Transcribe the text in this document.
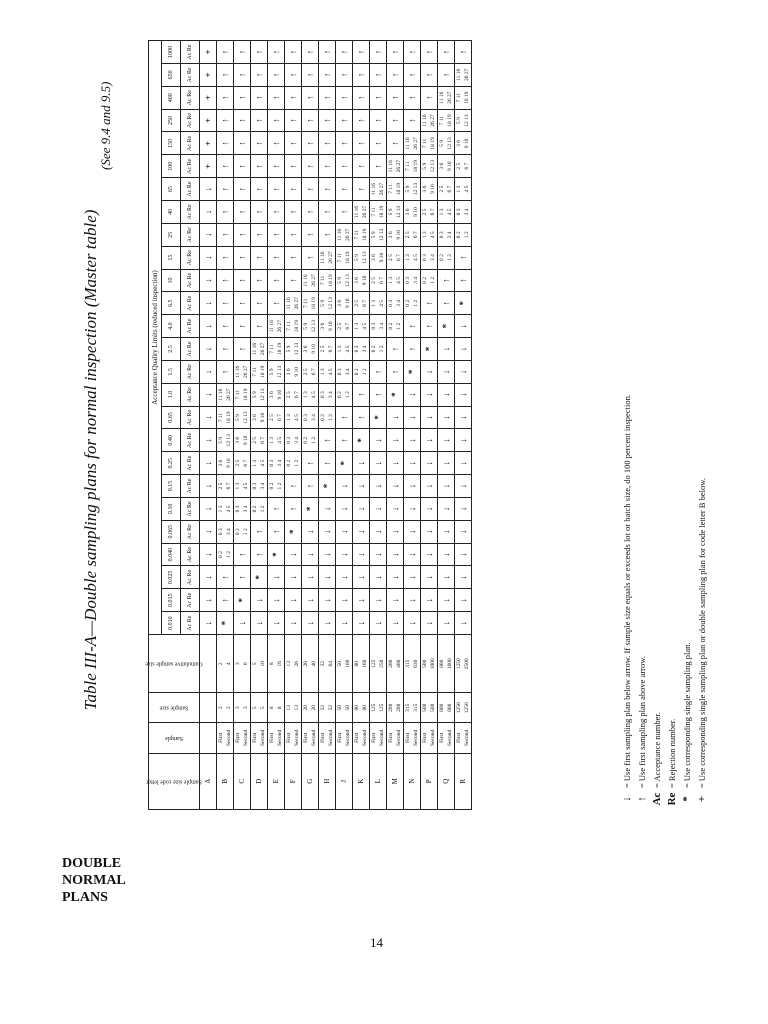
DOUBLE
NORMAL
PLANS
14
Table III-A—Double sampling plans for normal inspection (Master table)
(See 9.4 and 9.5)
Sample size code letter	Sample	Sample size	Cumulative sample size	Acceptance Quality Limits (reduced inspection)																									
				0.010	0.015	0.025	0.040	0.065	0.10	0.15	0.25	0.40	0.65	1.0	1.5	2.5	4.0	6.5	10	15	25	40	65	100	150	250	400	650	1000
				Ac Re	Ac Re	Ac Re	Ac Re	Ac Re	Ac Re	Ac Re	Ac Re	Ac Re	Ac Re	Ac Re	Ac Re	Ac Re	Ac Re	Ac Re	Ac Re	Ac Re	Ac Re	Ac Re	Ac Re	Ac Re	Ac Re	Ac Re	Ac Re	Ac Re	Ac Re
A				↓	↓	↓	↓	↓	↓	↓	↓	↓	↓	↓	↓	↓	↓	↓	↓	↓	↓	↓	↓	+	+	+	+	+	+
B	First Second	2 2	2 4	*	↑	↑	0 2 1 2	0 3 3 4	1 3 4 5	2 5 6 7	3 6 9 10	5 9 12 13	7 11 18 19	11 16 26 27	↑	↑	↑	↑	↑	↑	↑	↑	↑	↑	↑	↑	↑	↑	↑
C	First Second	3 3	3 6	↓	*	↑	↑	0 2 1 2	0 3 3 4	1 3 4 5	2 5 6 7	3 6 9 10	5 9 12 13	7 11 18 19	11 16 26 27	↑	↑	↑	↑	↑	↑	↑	↑	↑	↑	↑	↑	↑	↑
D	First Second	5 5	5 10	↓	↓	*	↑	↑	0 2 1 2	0 3 3 4	1 3 4 5	2 5 6 7	3 6 9 10	5 9 12 13	7 11 18 19	11 16 26 27	↑	↑	↑	↑	↑	↑	↑	↑	↑	↑	↑	↑	↑
E	First Second	8 8	8 16	↓	↓	↓	*	↑	↑	0 2 1 2	0 3 3 4	1 3 4 5	2 5 6 7	3 6 9 10	5 9 12 13	7 11 18 19	11 16 26 27	↑	↑	↑	↑	↑	↑	↑	↑	↑	↑	↑	↑
F	First Second	13 13	13 26	↓	↓	↓	↓	*	↑	↑	0 2 1 2	0 3 3 4	1 3 4 5	2 5 6 7	3 6 9 10	5 9 12 13	7 11 18 19	11 16 26 27	↑	↑	↑	↑	↑	↑	↑	↑	↑	↑	↑
G	First Second	20 20	20 40	↓	↓	↓	↓	↓	*	↑	↑	0 2 1 2	0 3 3 4	1 3 4 5	2 5 6 7	3 6 9 10	5 9 12 13	7 11 18 19	11 16 26 27	↑	↑	↑	↑	↑	↑	↑	↑	↑	↑
H	First Second	32 32	32 64	↓	↓	↓	↓	↓	↓	*	↑	↑	0 2 1 2	0 3 3 4	1 3 4 5	2 5 6 7	3 6 9 10	5 9 12 13	7 11 18 19	11 16 26 27	↑	↑	↑	↑	↑	↑	↑	↑	↑
J	First Second	50 50	50 100	↓	↓	↓	↓	↓	↓	↓	*	↑	↑	0 2 1 2	0 3 3 4	1 3 4 5	2 5 6 7	3 6 9 10	5 9 12 13	7 11 18 19	11 16 26 27	↑	↑	↑	↑	↑	↑	↑	↑
K	First Second	80 80	80 160	↓	↓	↓	↓	↓	↓	↓	↓	*	↑	↑	0 2 1 2	0 3 3 4	1 3 4 5	2 5 6 7	3 6 9 10	5 9 12 13	7 11 18 19	11 16 26 27	↑	↑	↑	↑	↑	↑	↑
L	First Second	125 125	125 250	↓	↓	↓	↓	↓	↓	↓	↓	↓	*	↑	↑	0 2 1 2	0 3 3 4	1 3 4 5	2 5 6 7	3 6 9 10	5 9 12 13	7 11 18 19	11 16 26 27	↑	↑	↑	↑	↑	↑
M	First Second	200 200	200 400	↓	↓	↓	↓	↓	↓	↓	↓	↓	↓	*	↑	↑	0 2 1 2	0 3 3 4	1 3 4 5	2 5 6 7	3 6 9 10	5 9 12 13	7 11 18 19	11 16 26 27	↑	↑	↑	↑	↑
N	First Second	315 315	315 630	↓	↓	↓	↓	↓	↓	↓	↓	↓	↓	↓	*	↑	↑	0 2 1 2	0 3 3 4	1 3 4 5	2 5 6 7	3 6 9 10	5 9 12 13	7 11 18 19	11 16 26 27	↑	↑	↑	↑
P	First Second	500 500	500 1000	↓	↓	↓	↓	↓	↓	↓	↓	↓	↓	↓	↓	*	↑	↑	0 2 1 2	0 3 3 4	1 3 4 5	2 5 6 7	3 6 9 10	5 9 12 13	7 11 18 19	11 16 26 27	↑	↑	↑
Q	First Second	800 800	800 1600	↓	↓	↓	↓	↓	↓	↓	↓	↓	↓	↓	↓	↓	*	↑	↑	0 2 1 2	0 3 3 4	1 3 4 5	2 5 6 7	3 6 9 10	5 9 12 13	7 11 18 19	11 16 26 27	↑	↑
R	First Second	1250 1250	1250 2500	↓	↓	↓	↓	↓	↓	↓	↓	↓	↓	↓	↓	↓	↓	*	↑	↑	0 2 1 2	0 3 3 4	1 3 4 5	2 5 6 7	3 6 9 10	5 9 12 13	7 11 18 19	11 16 26 27	↑
↓
= Use first sampling plan below arrow. If sample size equals or exceeds lot or batch size, do 100 percent inspection.
↑
= Use first sampling plan above arrow.
Ac
= Acceptance number.
Re
= Rejection number.
*
= Use corresponding single sampling plan.
+
= Use corresponding single sampling plan or double sampling plan for code letter B below.
